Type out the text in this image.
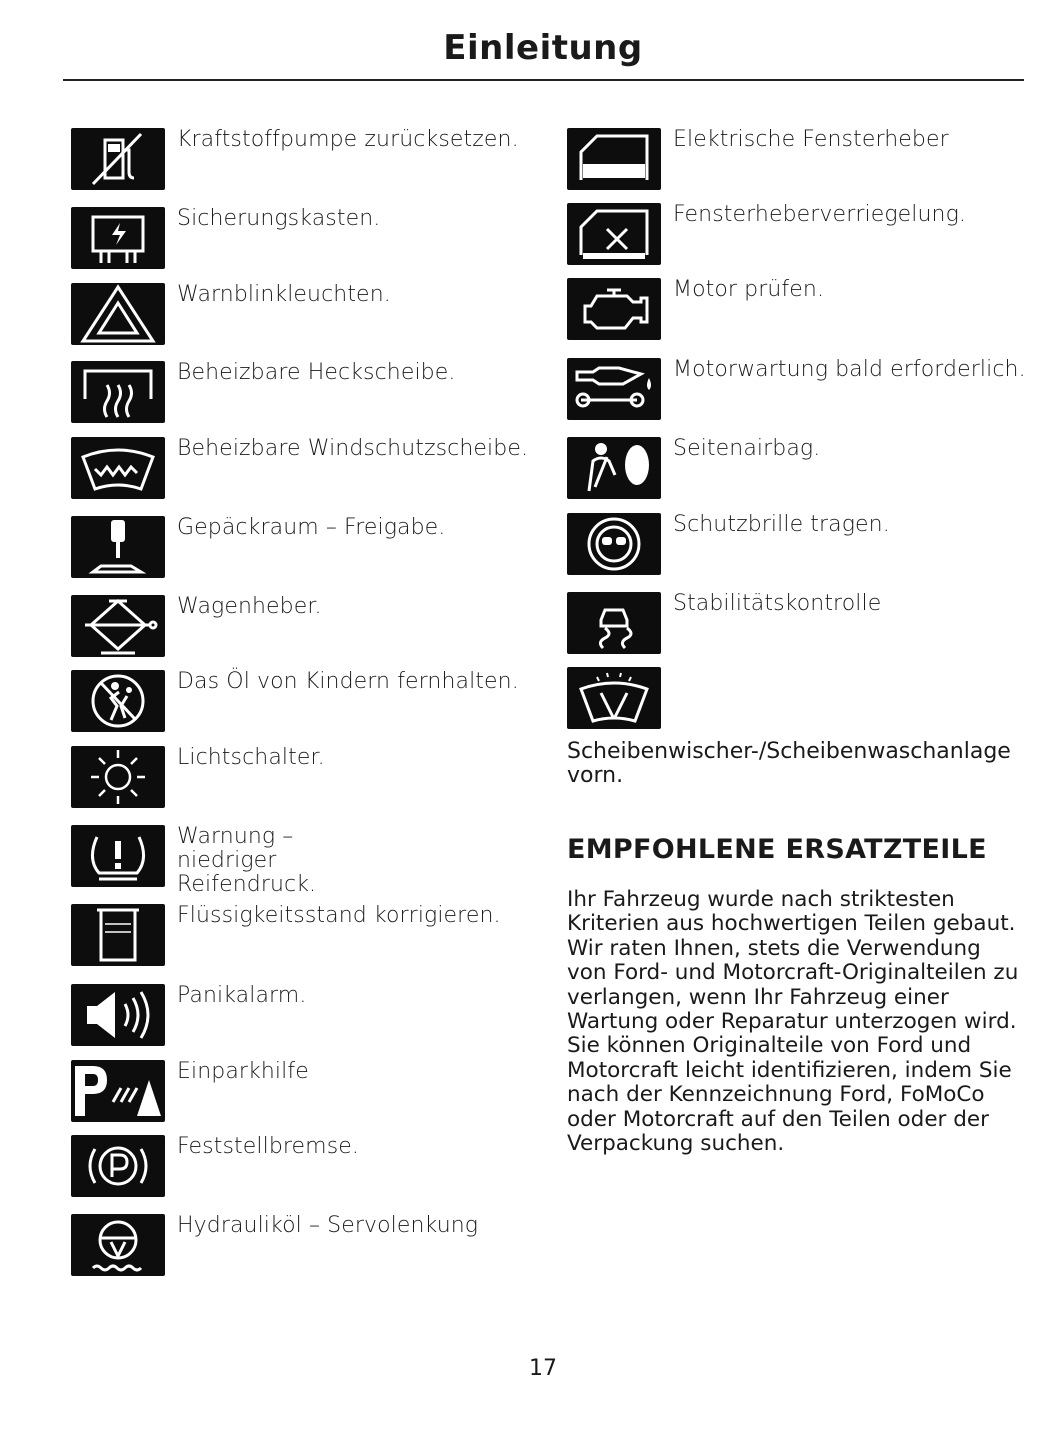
Einleitung
Kraftstoffpumpe zurücksetzen.
Sicherungskasten.
Warnblinkleuchten.
Beheizbare Heckscheibe.
Beheizbare Windschutzscheibe.
Gepäckraum – Freigabe.
Wagenheber.
Das Öl von Kindern fernhalten.
Lichtschalter.
Warnung – niedriger
Reifendruck.
Flüssigkeitsstand korrigieren.
Panikalarm.
Einparkhilfe
Feststellbremse.
Hydrauliköl – Servolenkung
Elektrische Fensterheber
Fensterheberverriegelung.
Motor prüfen.
Motorwartung bald erforderlich.
Seitenairbag.
Schutzbrille tragen.
Stabilitätskontrolle
Scheibenwischer-/Scheibenwaschanlage vorn.
EMPFOHLENE ERSATZTEILE
Ihr Fahrzeug wurde nach striktesten Kriterien aus hochwertigen Teilen gebaut. Wir raten Ihnen, stets die Verwendung von Ford- und Motorcraft-Originalteilen zu verlangen, wenn Ihr Fahrzeug einer Wartung oder Reparatur unterzogen wird. Sie können Originalteile von Ford und Motorcraft leicht identifizieren, indem Sie nach der Kennzeichnung Ford, FoMoCo oder Motorcraft auf den Teilen oder der Verpackung suchen.
17
